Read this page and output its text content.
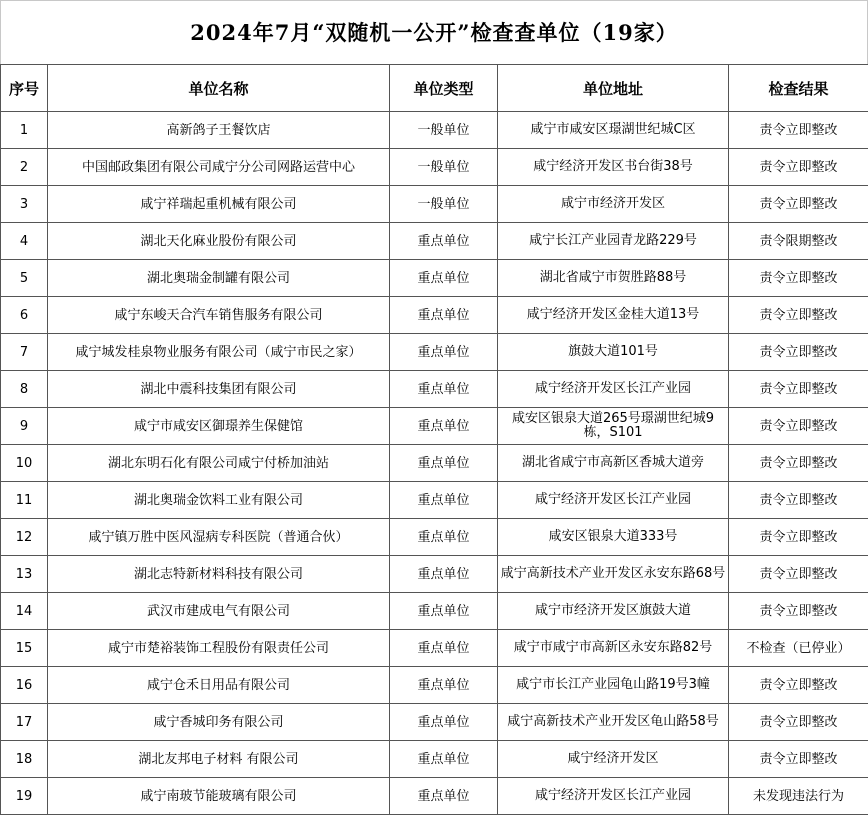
2024年7月“双随机一公开”检查查单位（19家）
序号	单位名称	单位类型	单位地址	检查结果
1	高新鸽子王餐饮店	一般单位	咸宁市咸安区璟湖世纪城C区	责令立即整改
2	中国邮政集团有限公司咸宁分公司网路运营中心	一般单位	咸宁经济开发区书台街38号	责令立即整改
3	咸宁祥瑞起重机械有限公司	一般单位	咸宁市经济开发区	责令立即整改
4	湖北天化麻业股份有限公司	重点单位	咸宁长江产业园青龙路229号	责令限期整改
5	湖北奥瑞金制罐有限公司	重点单位	湖北省咸宁市贺胜路88号	责令立即整改
6	咸宁东峻天合汽车销售服务有限公司	重点单位	咸宁经济开发区金桂大道13号	责令立即整改
7	咸宁城发桂泉物业服务有限公司（咸宁市民之家）	重点单位	旗鼓大道101号	责令立即整改
8	湖北中震科技集团有限公司	重点单位	咸宁经济开发区长江产业园	责令立即整改
9	咸宁市咸安区御璟养生保健馆	重点单位	咸安区银泉大道265号璟湖世纪城9栋，S101	责令立即整改
10	湖北东明石化有限公司咸宁付桥加油站	重点单位	湖北省咸宁市高新区香城大道旁	责令立即整改
11	湖北奥瑞金饮料工业有限公司	重点单位	咸宁经济开发区长江产业园	责令立即整改
12	咸宁镇万胜中医风湿病专科医院（普通合伙）	重点单位	咸安区银泉大道333号	责令立即整改
13	湖北志特新材料科技有限公司	重点单位	咸宁高新技术产业开发区永安东路68号	责令立即整改
14	武汉市建成电气有限公司	重点单位	咸宁市经济开发区旗鼓大道	责令立即整改
15	咸宁市楚裕装饰工程股份有限责任公司	重点单位	咸宁市咸宁市高新区永安东路82号	不检查（已停业）
16	咸宁仓禾日用品有限公司	重点单位	咸宁市长江产业园龟山路19号3幢	责令立即整改
17	咸宁香城印务有限公司	重点单位	咸宁高新技术产业开发区龟山路58号	责令立即整改
18	湖北友邦电子材料 有限公司	重点单位	咸宁经济开发区	责令立即整改
19	咸宁南玻节能玻璃有限公司	重点单位	咸宁经济开发区长江产业园	未发现违法行为
